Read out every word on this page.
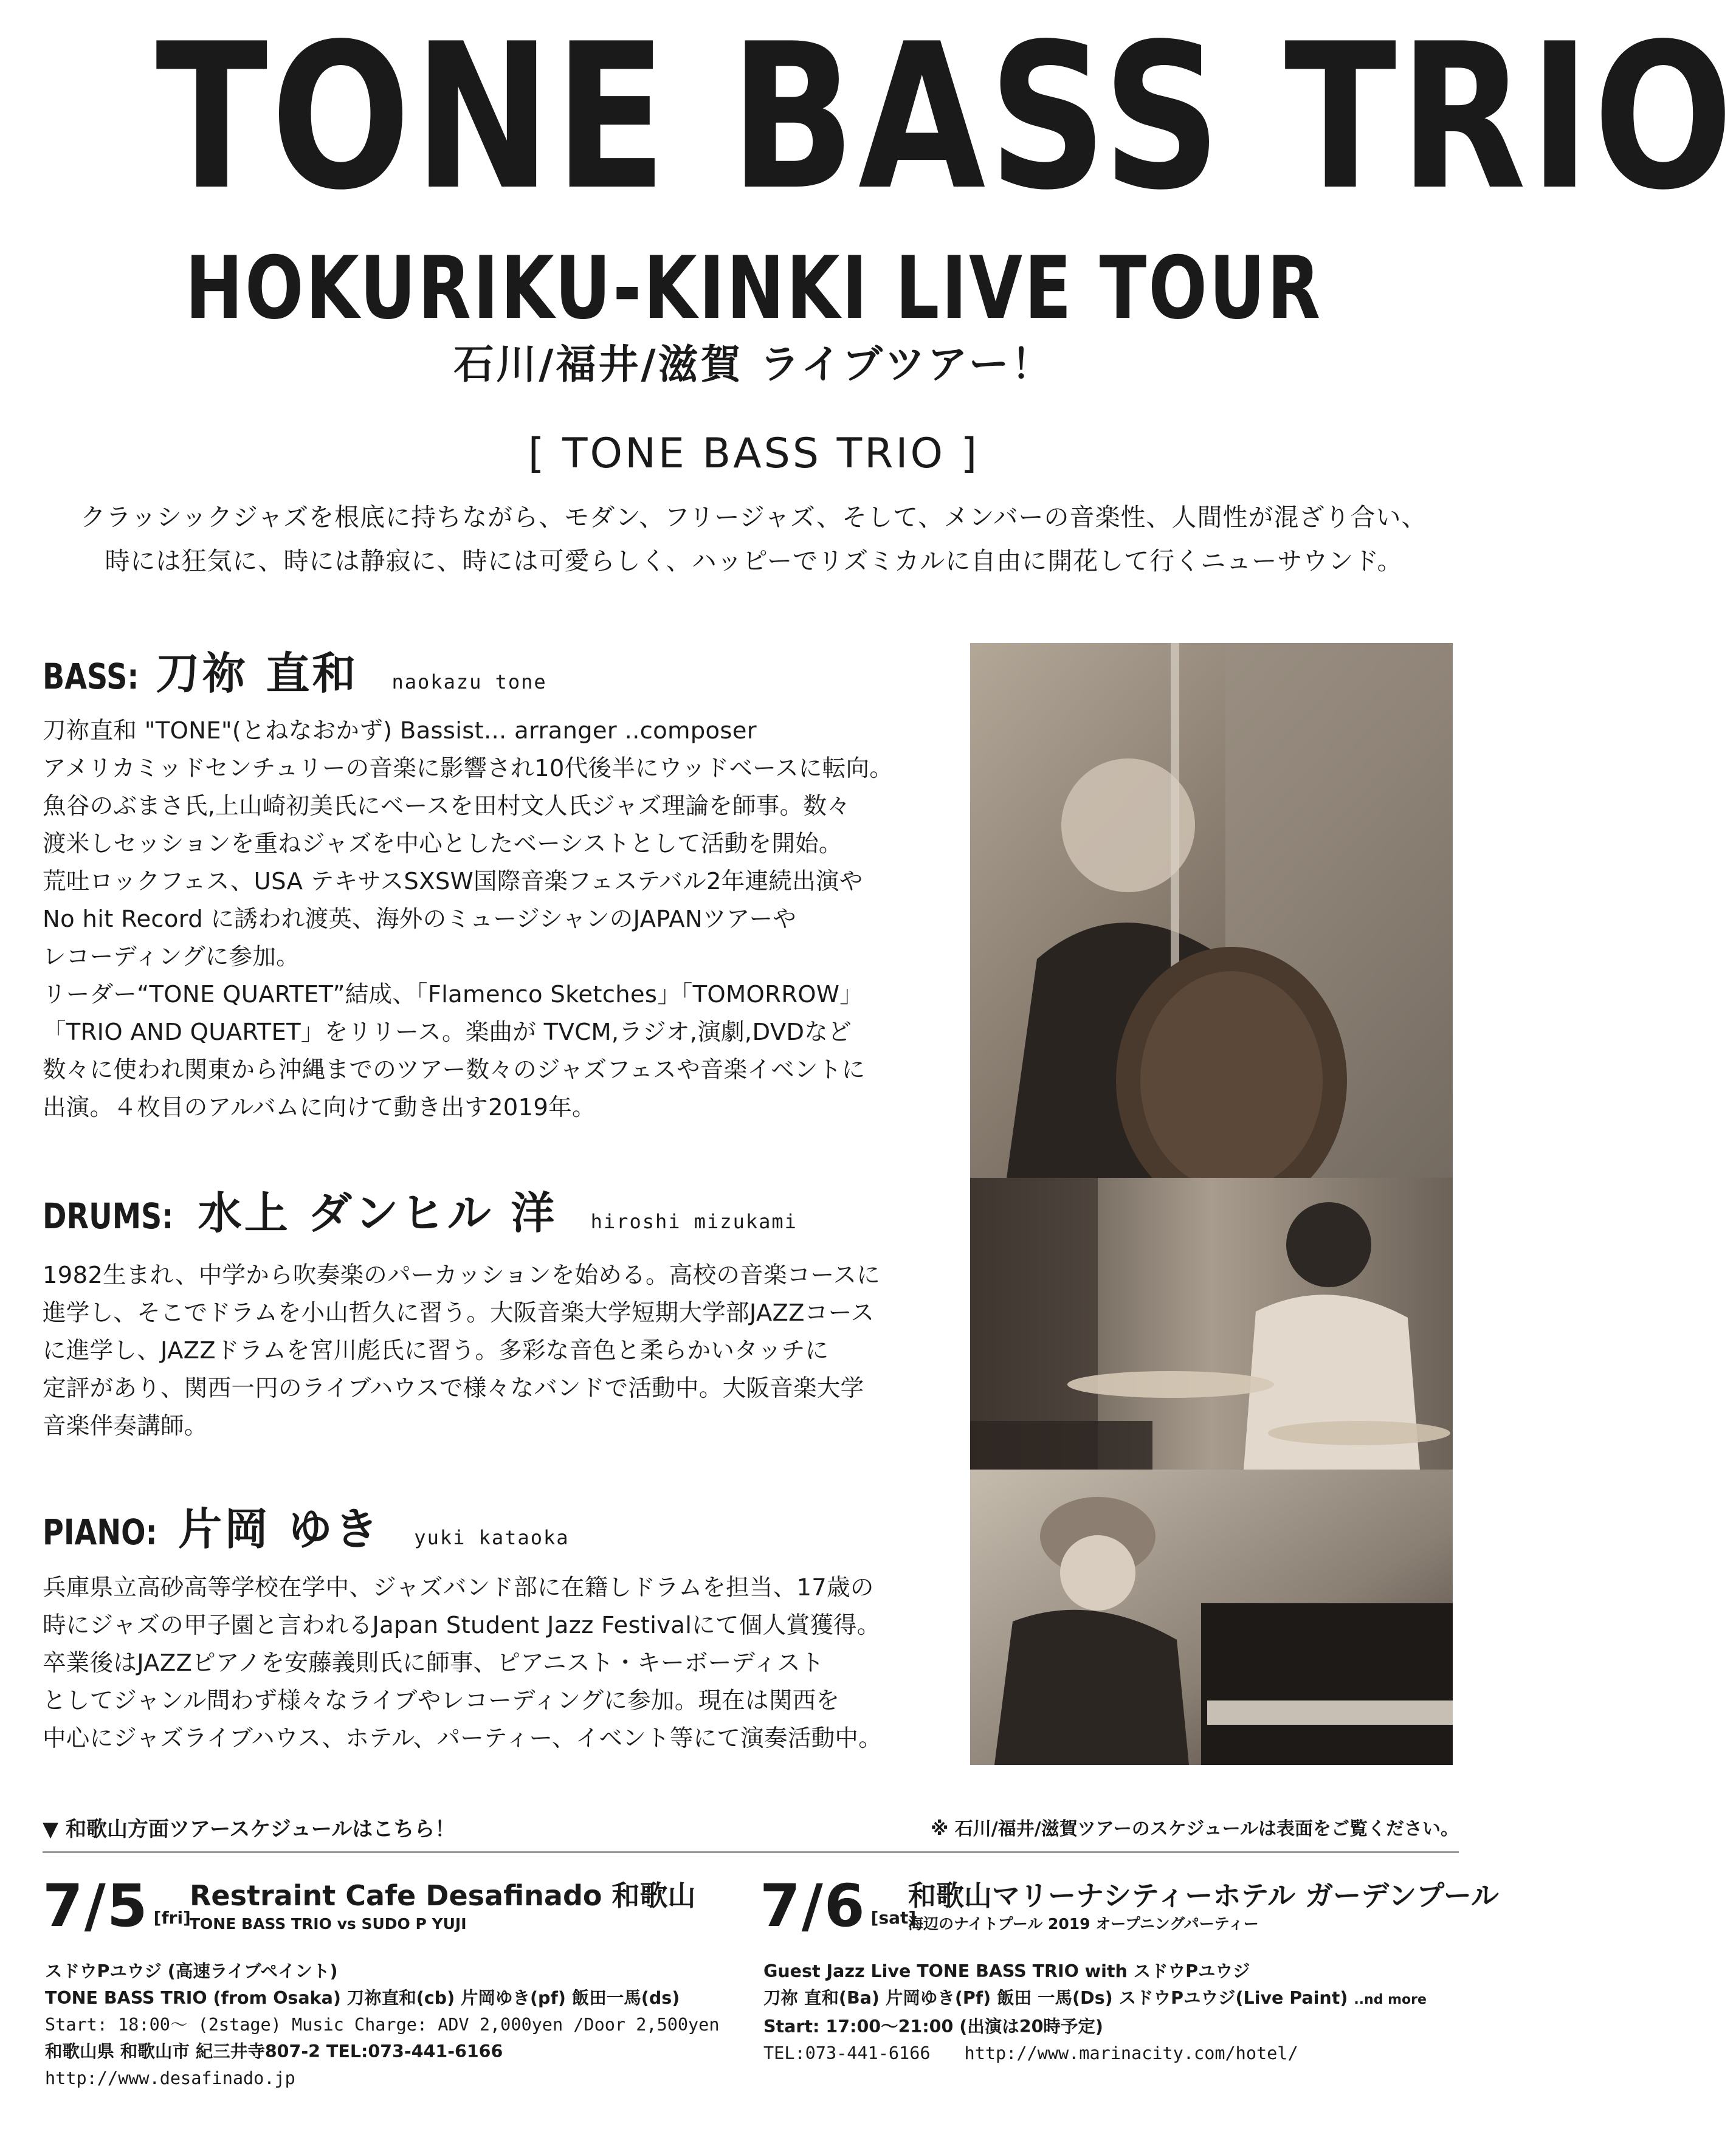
TONE BASS TRIO
HOKURIKU-KINKI LIVE TOUR
石川/福井/滋賀 ライブツアー！
[ TONE BASS TRIO ]
クラッシックジャズを根底に持ちながら、モダン、フリージャズ、そして、メンバーの音楽性、人間性が混ざり合い、
時には狂気に、時には静寂に、時には可愛らしく、ハッピーでリズミカルに自由に開花して行くニューサウンド。
BASS: 刀祢 直和 naokazu tone
刀祢直和 "TONE"(とねなおかず) Bassist... arranger ..composer
アメリカミッドセンチュリーの音楽に影響され10代後半にウッドベースに転向。
魚谷のぶまさ氏,上山崎初美氏にベースを田村文人氏ジャズ理論を師事。数々
渡米しセッションを重ねジャズを中心としたベーシストとして活動を開始。
荒吐ロックフェス、USA テキサスSXSW国際音楽フェステバル2年連続出演や
No hit Record に誘われ渡英、海外のミュージシャンのJAPANツアーや
レコーディングに参加。
リーダー“TONE QUARTET”結成、「Flamenco Sketches」「TOMORROW」
「TRIO AND QUARTET」をリリース。楽曲が TVCM,ラジオ,演劇,DVDなど
数々に使われ関東から沖縄までのツアー数々のジャズフェスや音楽イベントに
出演。４枚目のアルバムに向けて動き出す2019年。
DRUMS: 水上 ダンヒル 洋 hiroshi mizukami
1982生まれ、中学から吹奏楽のパーカッションを始める。高校の音楽コースに
進学し、そこでドラムを小山哲久に習う。大阪音楽大学短期大学部JAZZコース
に進学し、JAZZドラムを宮川彪氏に習う。多彩な音色と柔らかいタッチに
定評があり、関西一円のライブハウスで様々なバンドで活動中。大阪音楽大学
音楽伴奏講師。
PIANO: 片岡 ゆき yuki kataoka
兵庫県立高砂高等学校在学中、ジャズバンド部に在籍しドラムを担当、17歳の
時にジャズの甲子園と言われるJapan Student Jazz Festivalにて個人賞獲得。
卒業後はJAZZピアノを安藤義則氏に師事、ピアニスト・キーボーディスト
としてジャンル問わず様々なライブやレコーディングに参加。現在は関西を
中心にジャズライブハウス、ホテル、パーティー、イベント等にて演奏活動中。
▼ 和歌山方面ツアースケジュールはこちら！	※ 石川/福井/滋賀ツアーのスケジュールは表面をご覧ください。
7/5 [fri]
Restraint Cafe Desafinado 和歌山
TONE BASS TRIO vs SUDO P YUJI
スドウPユウジ (高速ライブペイント)
TONE BASS TRIO (from Osaka) 刀祢直和(cb) 片岡ゆき(pf) 飯田一馬(ds)
Start: 18:00～ (2stage) Music Charge: ADV 2,000yen /Door 2,500yen
和歌山県 和歌山市 紀三井寺807-2 TEL:073-441-6166
http://www.desafinado.jp
7/6 [sat]
和歌山マリーナシティーホテル ガーデンプール
海辺のナイトプール 2019 オープニングパーティー
Guest Jazz Live TONE BASS TRIO with スドウPユウジ
刀祢 直和(Ba) 片岡ゆき(Pf) 飯田 一馬(Ds) スドウPユウジ(Live Paint) ..nd more
Start: 17:00～21:00 (出演は20時予定)
TEL:073-441-6166 http://www.marinacity.com/hotel/
